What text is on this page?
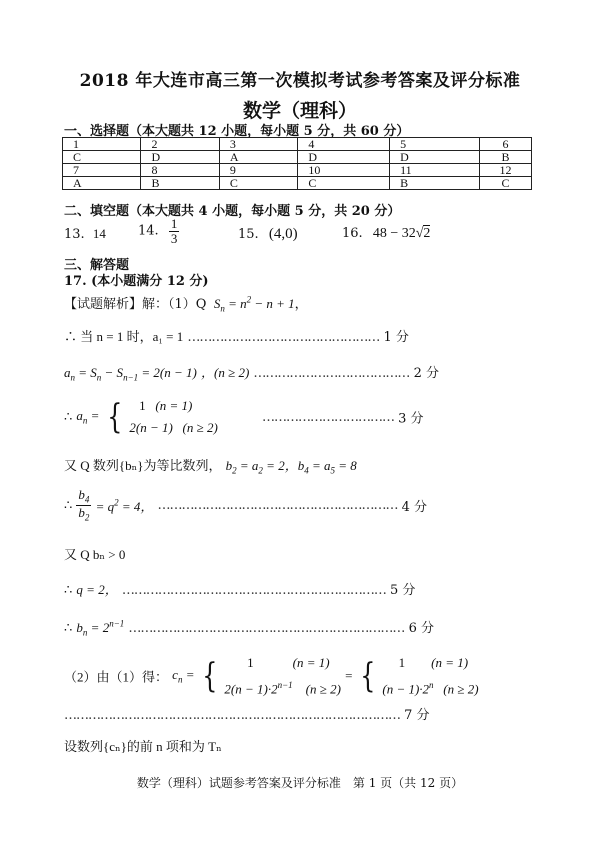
2018 年大连市高三第一次模拟考试参考答案及评分标准
数学（理科）
一、选择题（本大题共 12 小题，每小题 5 分，共 60 分）
1	2	3	4	5	6
C	D	A	D	D	B
7	8	9	10	11	12
A	B	C	C	B	C
二、填空题（本大题共 4 小题，每小题 5 分，共 20 分）
13. 14 14. $\frac{1}{3}$	15. (4,0)	16. 48 − 32√2
三、解答题
17. (本小题满分 12 分)
【试题解析】解：（1）Q  $S_n = n^2 - n + 1$，
∴ 当 n = 1 时，a₁ = 1 ………………………………………… 1 分
$a_n = S_n - S_{n-1} = 2(n - 1)$ ，(n ≥ 2) ………………………………… 2 分
∴ $a_n$ = {	1   (n = 1)
2(n − 1)   (n ≥ 2)
…………………………… 3 分
又 Q 数列{bₙ}为等比数列， $b_2 = a_2 = 2$，$b_4 = a_5 = 8$
∴ $\frac{b_4}{b_2} = q^2 = 4$， …………………………………………………… 4 分
又 Q bₙ > 0
∴ q = 2， ………………………………………………………… 5 分
∴ $b_n = 2^{n-1}$ …………………………………………………………… 6 分
（2）由（1）得： $c_n$ = {	1            (n = 1)
$2(n - 1)\cdot 2^{n-1}$    (n ≥ 2)
= {	1        (n = 1)
$(n - 1)\cdot 2^n$   (n ≥ 2)
………………………………………………………………………… 7 分
设数列{cₙ}的前 n 项和为 Tₙ
数学（理科）试题参考答案及评分标准　第 1 页（共 12 页）
